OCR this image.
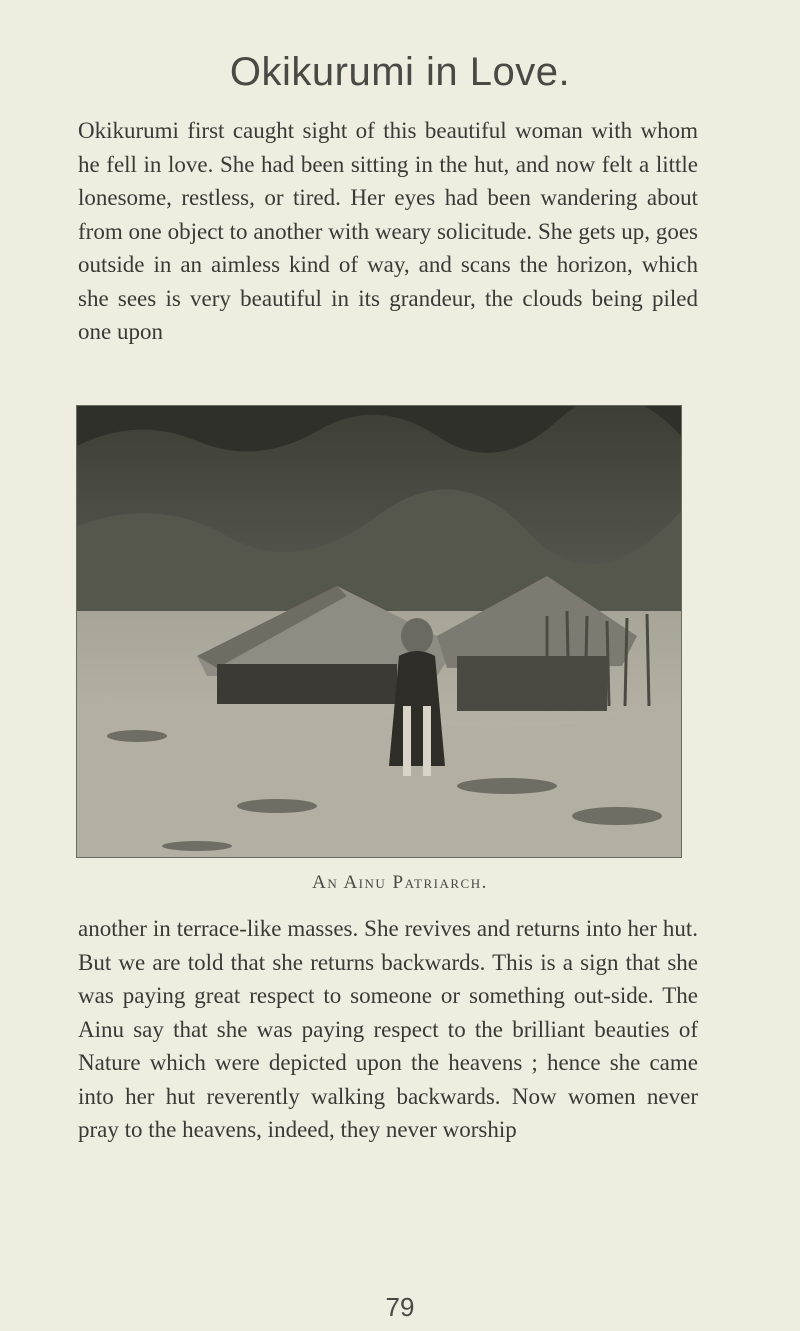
Okikurumi in Love.

Okikurumi first caught sight of this beautiful woman with whom he fell in love. She had been sitting in the hut, and now felt a little lonesome, restless, or tired. Her eyes had been wandering about from one object to another with weary solicitude. She gets up, goes outside in an aimless kind of way, and scans the horizon, which she sees is very beautiful in its grandeur, the clouds being piled one upon

An Ainu Patriarch.

another in terrace-like masses. She revives and returns into her hut. But we are told that she returns backwards. This is a sign that she was paying great respect to someone or something out-side. The Ainu say that she was paying respect to the brilliant beauties of Nature which were depicted upon the heavens ; hence she came into her hut reverently walking backwards. Now women never pray to the heavens, indeed, they never worship

79
